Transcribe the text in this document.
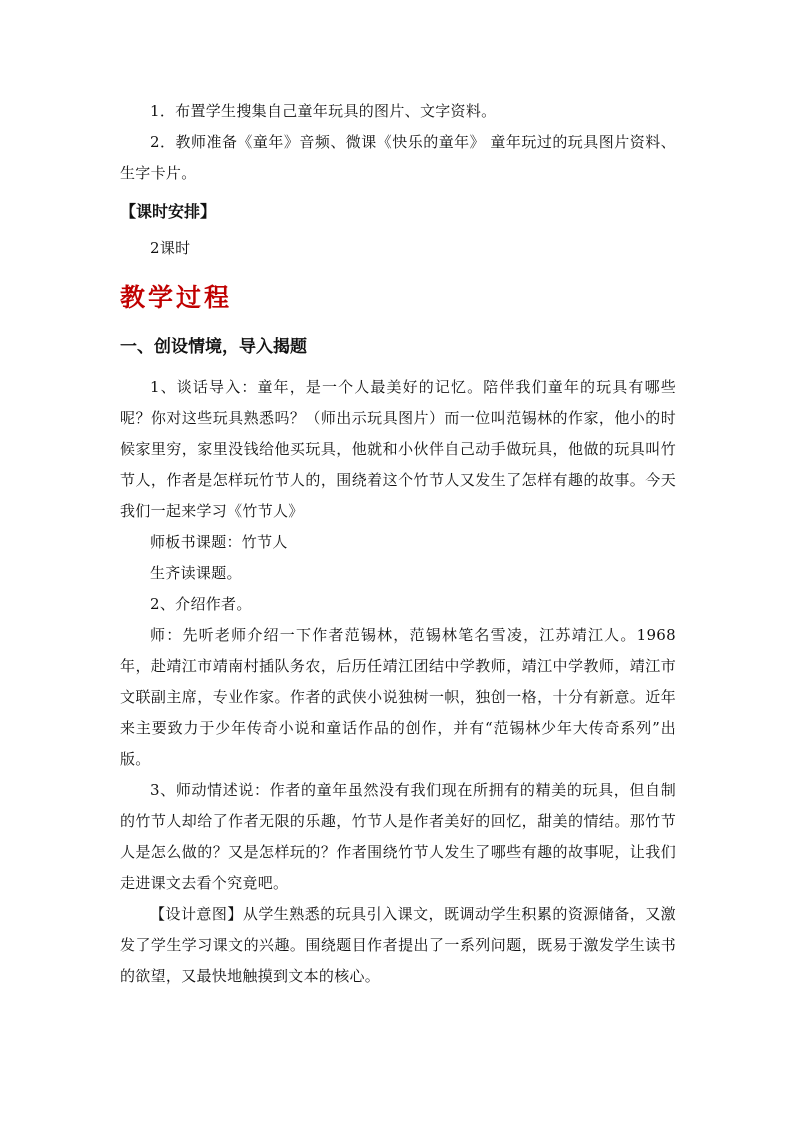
1．布置学生搜集自己童年玩具的图片、文字资料。

2．教师准备《童年》音频、微课《快乐的童年》 童年玩过的玩具图片资料、生字卡片。

【课时安排】

2课时

教学过程
一、创设情境，导入揭题

1、谈话导入：童年，是一个人最美好的记忆。陪伴我们童年的玩具有哪些呢？你对这些玩具熟悉吗？（师出示玩具图片）而一位叫范锡林的作家，他小的时候家里穷，家里没钱给他买玩具，他就和小伙伴自己动手做玩具，他做的玩具叫竹节人，作者是怎样玩竹节人的，围绕着这个竹节人又发生了怎样有趣的故事。今天我们一起来学习《竹节人》

师板书课题：竹节人

生齐读课题。

2、介绍作者。

师：先听老师介绍一下作者范锡林，范锡林笔名雪凌，江苏靖江人。1968年，赴靖江市靖南村插队务农，后历任靖江团结中学教师，靖江中学教师，靖江市文联副主席，专业作家。作者的武侠小说独树一帜，独创一格，十分有新意。近年来主要致力于少年传奇小说和童话作品的创作，并有“范锡林少年大传奇系列”出版。

3、师动情述说：作者的童年虽然没有我们现在所拥有的精美的玩具，但自制的竹节人却给了作者无限的乐趣，竹节人是作者美好的回忆，甜美的情结。那竹节人是怎么做的？又是怎样玩的？作者围绕竹节人发生了哪些有趣的故事呢，让我们走进课文去看个究竟吧。

【设计意图】从学生熟悉的玩具引入课文，既调动学生积累的资源储备，又激发了学生学习课文的兴趣。围绕题目作者提出了一系列问题，既易于激发学生读书的欲望，又最快地触摸到文本的核心。
